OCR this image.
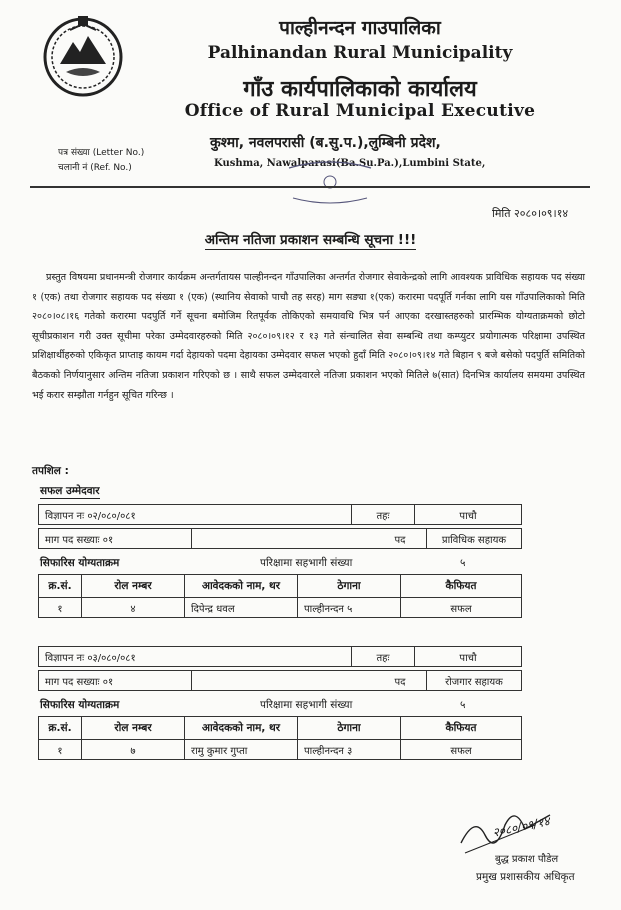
पाल्हीनन्दन गाउपालिका
Palhinandan Rural Municipality
गाँउ कार्यपालिकाको कार्यालय
Office of Rural Municipal Executive
कुश्मा, नवलपरासी (ब.सु.प.),लुम्बिनी प्रदेश,
Kushma, Nawalparasi(Ba.Su.Pa.),Lumbini State,
पत्र संख्या (Letter No.)
चलानी नं (Ref. No.)
मिति २०८०।०९।१४
अन्तिम नतिजा प्रकाशन सम्बन्धि सूचना !!!
प्रस्तुत विषयमा प्रधानमन्त्री रोजगार कार्यक्रम अन्तर्गतायस पाल्हीनन्दन गाँउपालिका अन्तर्गत रोजगार सेवाकेन्द्रको लागि आवश्यक प्राविधिक सहायक पद संख्या १ (एक) तथा रोजगार सहायक पद संख्या १ (एक) (स्थानिय सेवाको पाचौ तह सरह) माग सङ्या १(एक) करारमा पदपूर्ति गर्नका लागि यस गाँउपालिकाको मिति २०८०।०८।१६ गतेको करारमा पदपुर्ति गर्ने सूचना बमोजिम रितपूर्वक तोकिएको समयावधि भित्र पर्न आएका दरखास्तहरुको प्रारम्भिक योग्यताक्रमको छोटो सूचीप्रकाशन गरी उक्त सूचीमा परेका उम्मेदवारहरुको मिति २०८०।०९।१२ र १३ गते संन्चालित सेवा सम्बन्धि तथा कम्प्युटर प्रयोगात्मक परिक्षामा उपस्थित प्रशिक्षार्थीहरुको एकिकृत प्राप्ताइ कायम गर्दा देहायको पदमा देहायका उम्मेदवार सफल भएको हुदाँ मिति २०८०।०९।१४ गते बिहान ९ बजे बसेको पदपुर्ति समितिको बैठकको निर्णयानुसार अन्तिम नतिजा प्रकाशन गरिएको छ । साथै सफल उम्मेदवारले नतिजा प्रकाशन भएको मितिले ७(सात) दिनभित्र कार्यालय समयमा उपस्थित भई करार सम्झौता गर्नहुन सूचित गरिन्छ ।
तपशिल :
सफल उम्मेदवार
विज्ञापन नः ०२/०८०/०८१	तहः	पाचौ
माग पद सख्याः ०१		पद	प्राविधिक सहायक
सिफारिस योग्यताक्रम	परिक्षामा सहभागी संख्या	५
क्र.सं.	रोल नम्बर	आवेदकको नाम, थर	ठेगाना	कैफियत
१	४	दिपेन्द्र धवल	पाल्हीनन्दन ५	सफल
विज्ञापन नः ०३/०८०/०८१	तहः	पाचौ
माग पद सख्याः ०१		पद	रोजगार सहायक
सिफारिस योग्यताक्रम	परिक्षामा सहभागी संख्या	५
क्र.सं.	रोल नम्बर	आवेदकको नाम, थर	ठेगाना	कैफियत
१	७	रामु कुमार गुप्ता	पाल्हीनन्दन ३	सफल
२०८०/०९/१४
बुद्ध प्रकाश पौडेल
प्रमुख प्रशासकीय अधिकृत
